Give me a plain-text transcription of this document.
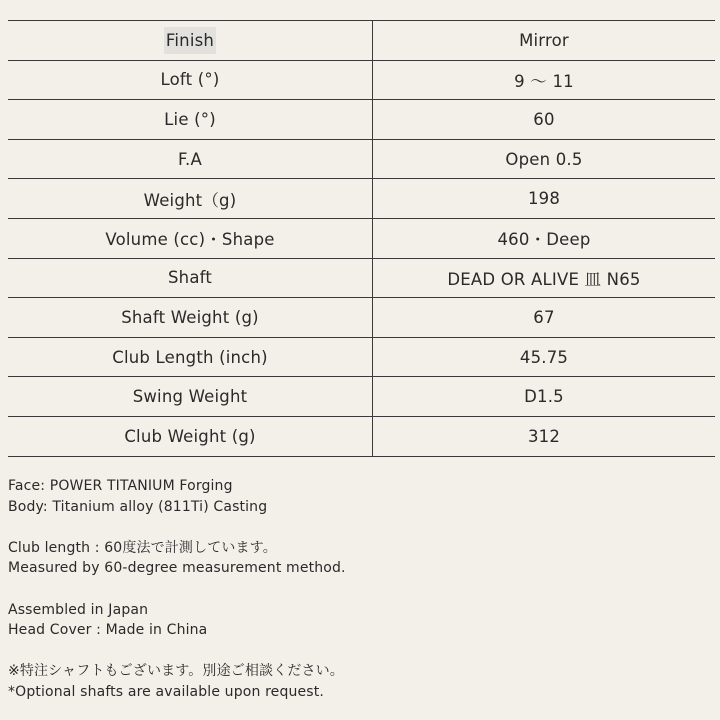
Finish	Mirror
Loft (°)	9 〜 11
Lie (°)	60
F.A	Open 0.5
Weight（g)	198
Volume (cc)・Shape	460・Deep
Shaft	DEAD OR ALIVE 皿 N65
Shaft Weight (g)	67
Club Length (inch)	45.75
Swing Weight	D1.5
Club Weight (g)	312
Face: POWER TITANIUM Forging
Body: Titanium alloy (811Ti) Casting
Club length : 60度法で計測しています。
Measured by 60-degree measurement method.
Assembled in Japan
Head Cover : Made in China
※特注シャフトもございます。別途ご相談ください。
*Optional shafts are available upon request.
